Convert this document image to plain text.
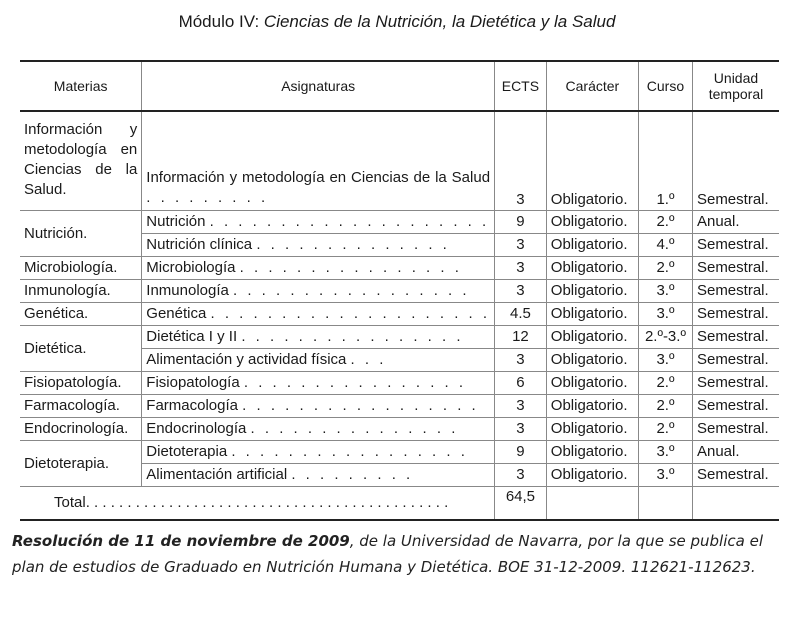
Módulo IV: Ciencias de la Nutrición, la Dietética y la Salud
Materias	Asignaturas	ECTS	Carácter	Curso	Unidad temporal
Información y metodología en Ciencias de la Salud.	Información y metodología en Ciencias de la Salud . . . . . . . . .	3	Obligatorio.	1.º	Semestral.
Nutrición.	Nutrición . . . . . . . . . . . . . . . . . . . .	9	Obligatorio.	2.º	Anual.
	Nutrición clínica . . . . . . . . . . . . . .	3	Obligatorio.	4.º	Semestral.
Microbiología.	Microbiología . . . . . . . . . . . . . . . .	3	Obligatorio.	2.º	Semestral.
Inmunología.	Inmunología . . . . . . . . . . . . . . . . .	3	Obligatorio.	3.º	Semestral.
Genética.	Genética . . . . . . . . . . . . . . . . . . . .	4.5	Obligatorio.	3.º	Semestral.
Dietética.	Dietética I y II . . . . . . . . . . . . . . . .	12	Obligatorio.	2.º-3.º	Semestral.
	Alimentación y actividad física . . .	3	Obligatorio.	3.º	Semestral.
Fisiopatología.	Fisiopatología . . . . . . . . . . . . . . . .	6	Obligatorio.	2.º	Semestral.
Farmacología.	Farmacología . . . . . . . . . . . . . . . . .	3	Obligatorio.	2.º	Semestral.
Endocrinología.	Endocrinología . . . . . . . . . . . . . . .	3	Obligatorio.	2.º	Semestral.
Dietoterapia.	Dietoterapia . . . . . . . . . . . . . . . . .	9	Obligatorio.	3.º	Anual.
	Alimentación artificial . . . . . . . . .	3	Obligatorio.	3.º	Semestral.
Total. . . . . . . . . . . . . . . . . . . . . . . . . . . . . . . . . . . . . . . . . . . .		64,5			
Resolución de 11 de noviembre de 2009, de la Universidad de Navarra, por la que se publica el plan de estudios de Graduado en Nutrición Humana y Dietética. BOE 31-12-2009. 112621-112623.
